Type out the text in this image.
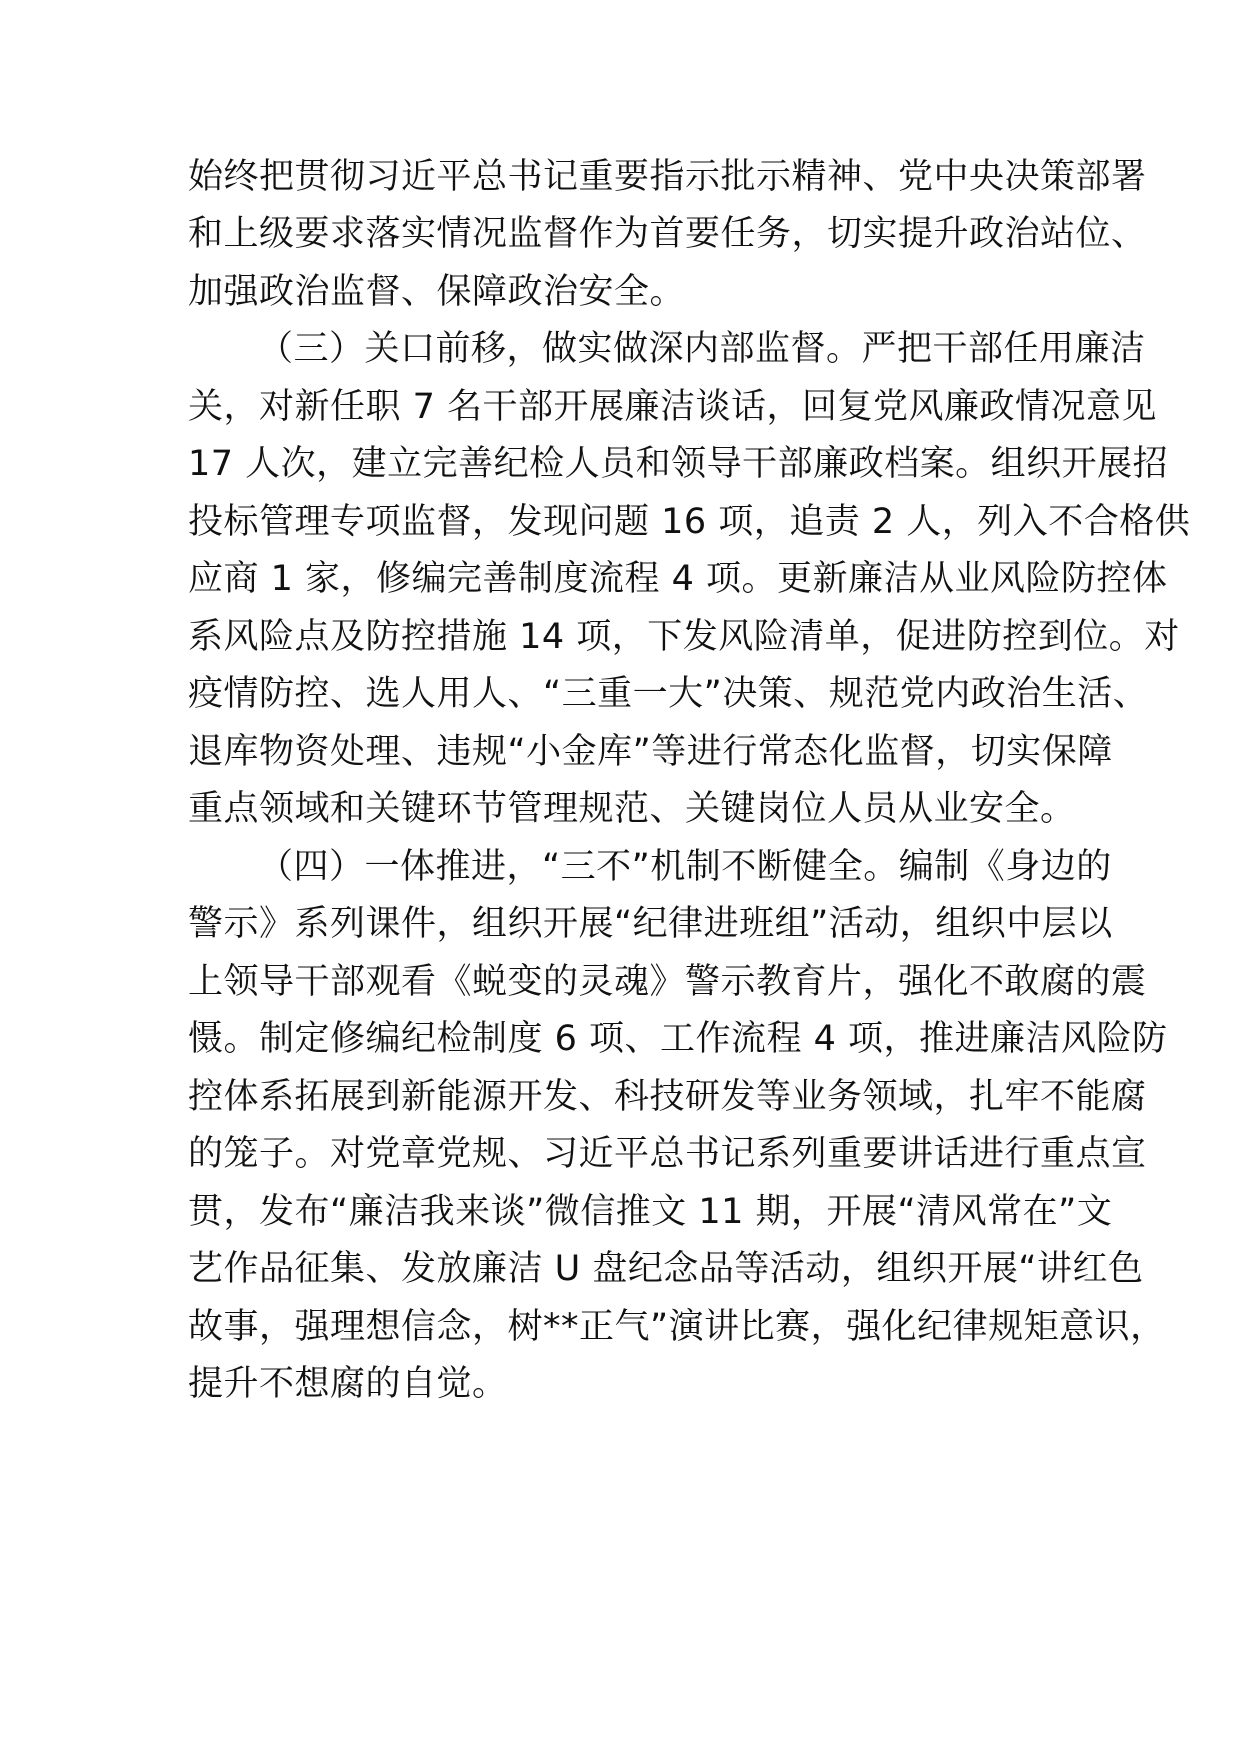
始终把贯彻习近平总书记重要指示批示精神、党中央决策部署
和上级要求落实情况监督作为首要任务，切实提升政治站位、
加强政治监督、保障政治安全。
（三）关口前移，做实做深内部监督。严把干部任用廉洁
关，对新任职 7 名干部开展廉洁谈话，回复党风廉政情况意见
17 人次，建立完善纪检人员和领导干部廉政档案。组织开展招
投标管理专项监督，发现问题 16 项，追责 2 人，列入不合格供
应商 1 家，修编完善制度流程 4 项。更新廉洁从业风险防控体
系风险点及防控措施 14 项，下发风险清单，促进防控到位。对
疫情防控、选人用人、“三重一大”决策、规范党内政治生活、
退库物资处理、违规“小金库”等进行常态化监督，切实保障
重点领域和关键环节管理规范、关键岗位人员从业安全。
（四）一体推进，“三不”机制不断健全。编制《身边的
警示》系列课件，组织开展“纪律进班组”活动，组织中层以
上领导干部观看《蜕变的灵魂》警示教育片，强化不敢腐的震
慑。制定修编纪检制度 6 项、工作流程 4 项，推进廉洁风险防
控体系拓展到新能源开发、科技研发等业务领域，扎牢不能腐
的笼子。对党章党规、习近平总书记系列重要讲话进行重点宣
贯，发布“廉洁我来谈”微信推文 11 期，开展“清风常在”文
艺作品征集、发放廉洁 U 盘纪念品等活动，组织开展“讲红色
故事，强理想信念，树**正气”演讲比赛，强化纪律规矩意识，
提升不想腐的自觉。
